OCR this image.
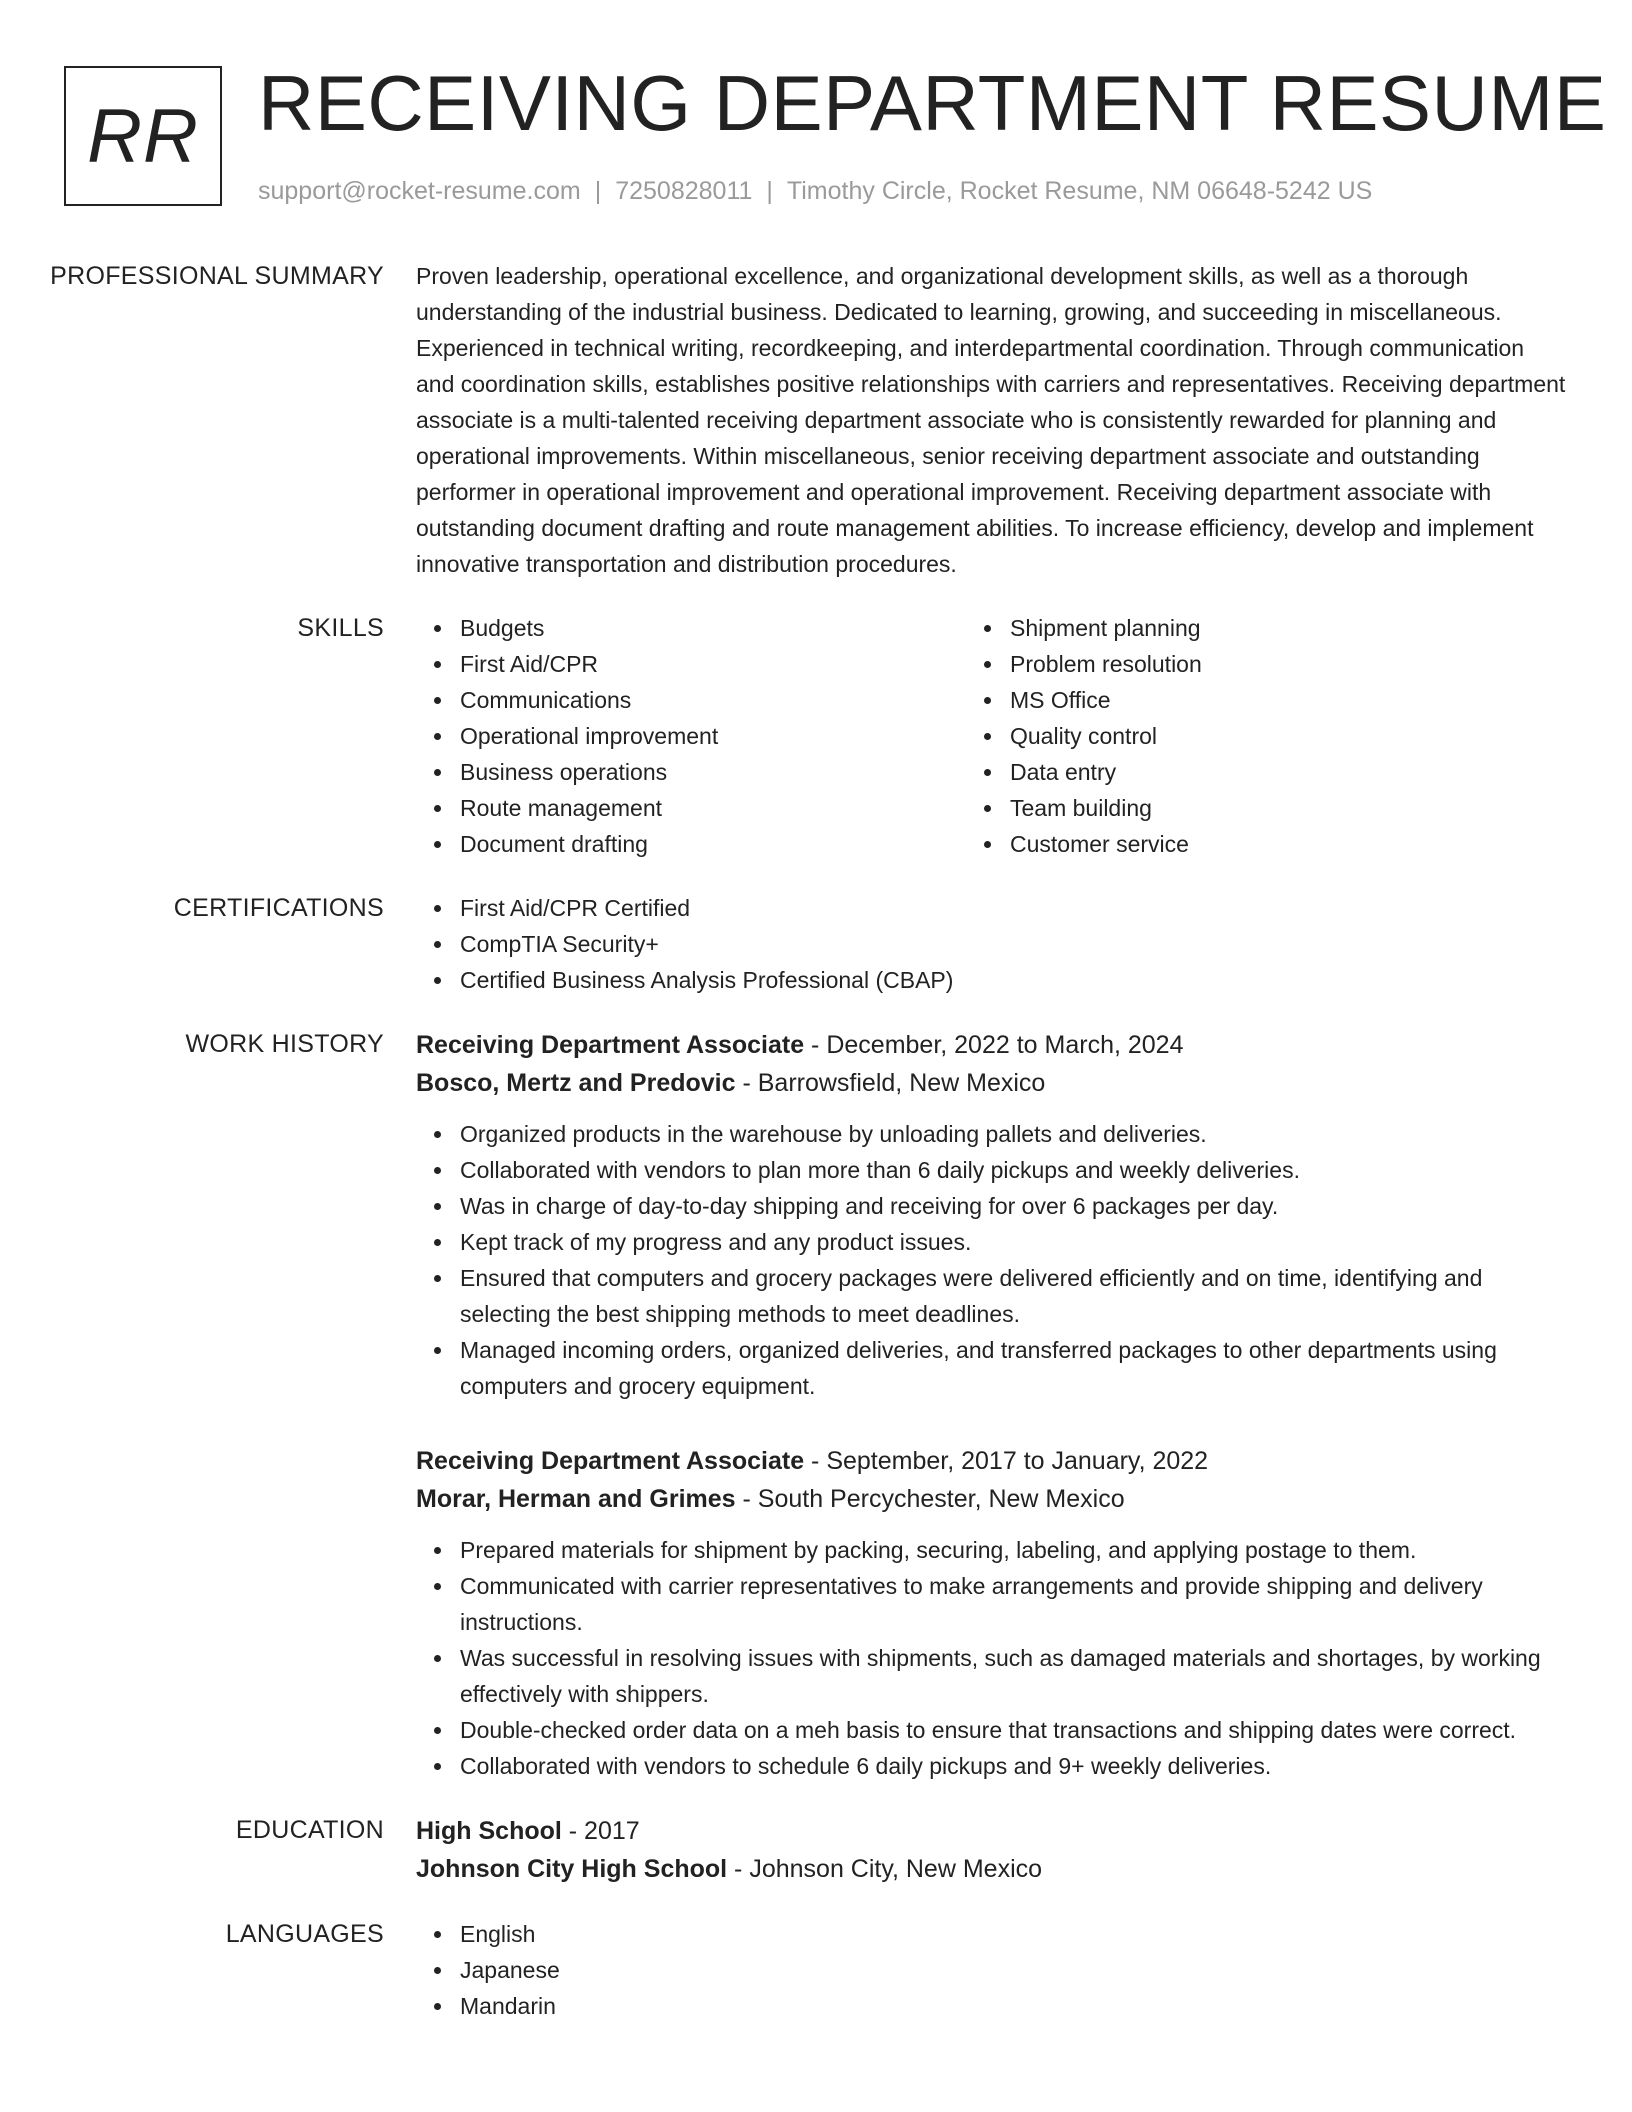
RR RECEIVING DEPARTMENT RESUME
support@rocket-resume.com | 7250828011 | Timothy Circle, Rocket Resume, NM 06648-5242 US
PROFESSIONAL SUMMARY	Proven leadership, operational excellence, and organizational development skills, as well as a thorough understanding of the industrial business. Dedicated to learning, growing, and succeeding in miscellaneous. Experienced in technical writing, recordkeeping, and interdepartmental coordination. Through communication and coordination skills, establishes positive relationships with carriers and representatives. Receiving department associate is a multi-talented receiving department associate who is consistently rewarded for planning and operational improvements. Within miscellaneous, senior receiving department associate and outstanding performer in operational improvement and operational improvement. Receiving department associate with outstanding document drafting and route management abilities. To increase efficiency, develop and implement innovative transportation and distribution procedures.

SKILLS	Budgets
First Aid/CPR
Communications
Operational improvement
Business operations
Route management
Document drafting
Shipment planning
Problem resolution
MS Office
Quality control
Data entry
Team building
Customer service
CERTIFICATIONS	First Aid/CPR Certified
CompTIA Security+
Certified Business Analysis Professional (CBAP)
WORK HISTORY	Receiving Department Associate - December, 2022 to March, 2024
Bosco, Mertz and Predovic - Barrowsfield, New Mexico
Organized products in the warehouse by unloading pallets and deliveries.
Collaborated with vendors to plan more than 6 daily pickups and weekly deliveries.
Was in charge of day-to-day shipping and receiving for over 6 packages per day.
Kept track of my progress and any product issues.
Ensured that computers and grocery packages were delivered efficiently and on time, identifying and selecting the best shipping methods to meet deadlines.
Managed incoming orders, organized deliveries, and transferred packages to other departments using computers and grocery equipment.
Receiving Department Associate - September, 2017 to January, 2022
Morar, Herman and Grimes - South Percychester, New Mexico
Prepared materials for shipment by packing, securing, labeling, and applying postage to them.
Communicated with carrier representatives to make arrangements and provide shipping and delivery instructions.
Was successful in resolving issues with shipments, such as damaged materials and shortages, by working effectively with shippers.
Double-checked order data on a meh basis to ensure that transactions and shipping dates were correct.
Collaborated with vendors to schedule 6 daily pickups and 9+ weekly deliveries.
EDUCATION	High School - 2017
Johnson City High School - Johnson City, New Mexico
LANGUAGES	English
Japanese
Mandarin
